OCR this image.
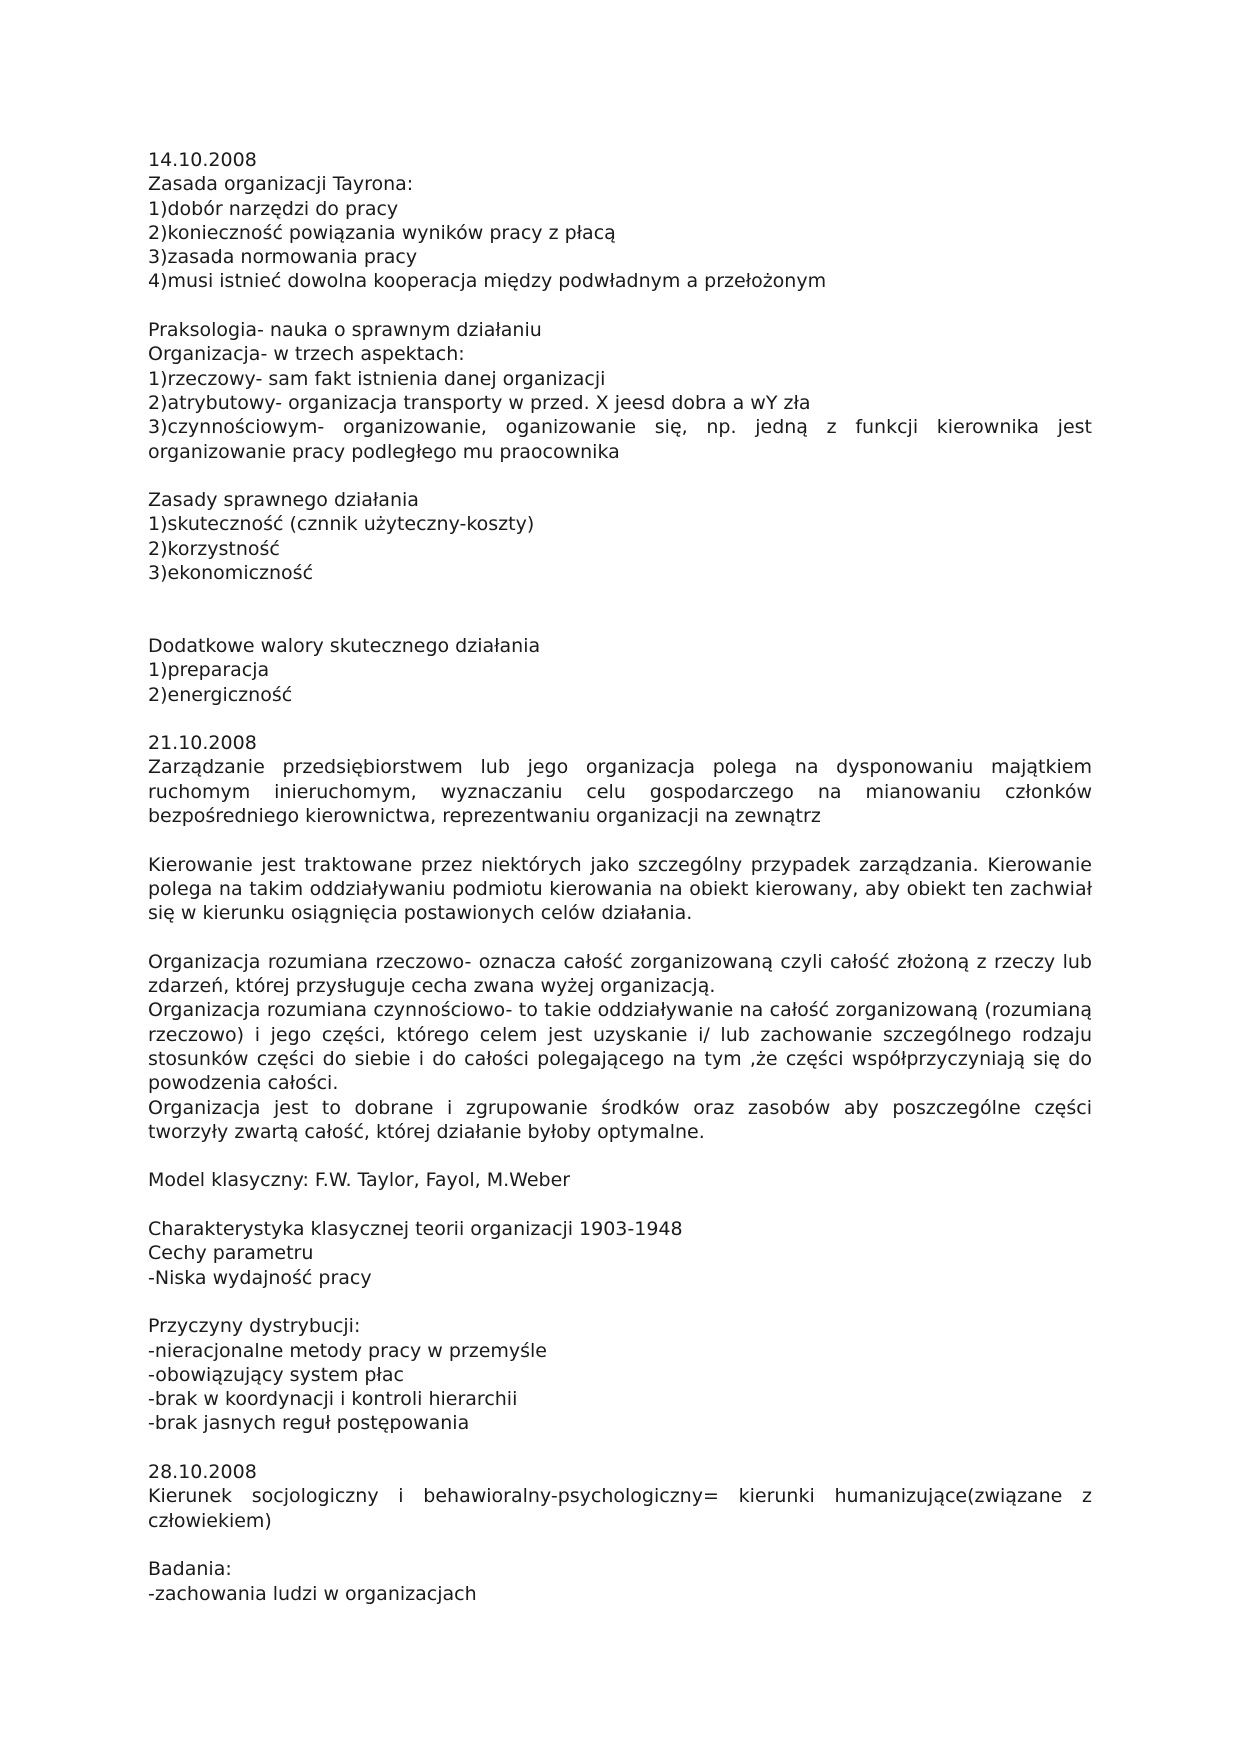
14.10.2008
Zasada organizacji Tayrona:
1)dobór narzędzi do pracy
2)konieczność powiązania wyników pracy z płacą
3)zasada normowania pracy
4)musi istnieć dowolna kooperacja między podwładnym a przełożonym
Praksologia- nauka o sprawnym działaniu
Organizacja- w trzech aspektach:
1)rzeczowy- sam fakt istnienia danej organizacji
2)atrybutowy- organizacja transporty w przed. X jeesd dobra a wY zła
3)czynnościowym- organizowanie, oganizowanie się, np. jedną z funkcji kierownika jest organizowanie pracy podległego mu praocownika
Zasady sprawnego działania
1)skuteczność (cznnik użyteczny-koszty)
2)korzystność
3)ekonomiczność
Dodatkowe walory skutecznego działania
1)preparacja
2)energiczność
21.10.2008
Zarządzanie przedsiębiorstwem lub jego organizacja polega na dysponowaniu majątkiem ruchomym inieruchomym, wyznaczaniu celu gospodarczego na mianowaniu członków bezpośredniego kierownictwa, reprezentwaniu organizacji na zewnątrz
Kierowanie jest traktowane przez niektórych jako szczególny przypadek zarządzania. Kierowanie polega na takim oddziaływaniu podmiotu kierowania na obiekt kierowany, aby obiekt ten zachwiał się w kierunku osiągnięcia postawionych celów działania.
Organizacja rozumiana rzeczowo- oznacza całość zorganizowaną czyli całość złożoną z rzeczy lub zdarzeń, której przysługuje cecha zwana wyżej organizacją.
Organizacja rozumiana czynnościowo- to takie oddziaływanie na całość zorganizowaną (rozumianą rzeczowo) i jego części, którego celem jest uzyskanie i/ lub zachowanie szczególnego rodzaju stosunków części do siebie i do całości polegającego na tym ,że części współprzyczyniają się do powodzenia całości.
Organizacja jest to dobrane i zgrupowanie środków oraz zasobów aby poszczególne części tworzyły zwartą całość, której działanie byłoby optymalne.
Model klasyczny: F.W. Taylor, Fayol, M.Weber
Charakterystyka klasycznej teorii organizacji 1903-1948
Cechy parametru
-Niska wydajność pracy
Przyczyny dystrybucji:
-nieracjonalne metody pracy w przemyśle
-obowiązujący system płac
-brak w koordynacji i kontroli hierarchii
-brak jasnych reguł postępowania
28.10.2008
Kierunek socjologiczny i behawioralny-psychologiczny= kierunki humanizujące(związane z człowiekiem)
Badania:
-zachowania ludzi w organizacjach
